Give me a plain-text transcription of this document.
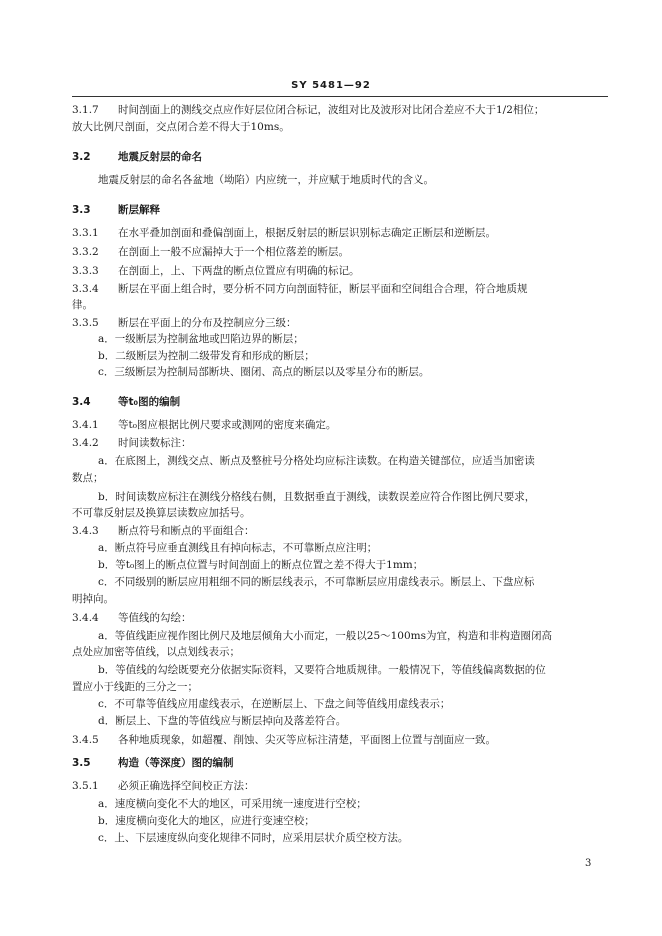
SY 5481—92
3.1.7 时间剖面上的测线交点应作好层位闭合标记，波组对比及波形对比闭合差应不大于1/2相位；
放大比例尺剖面，交点闭合差不得大于10ms。
3.2	地震反射层的命名
地震反射层的命名各盆地（坳陷）内应统一，并应赋于地质时代的含义。
3.3	断层解释
3.3.1 在水平叠加剖面和叠偏剖面上，根据反射层的断层识别标志确定正断层和逆断层。
3.3.2 在剖面上一般不应漏掉大于一个相位落差的断层。
3.3.3 在剖面上，上、下两盘的断点位置应有明确的标记。
3.3.4 断层在平面上组合时，要分析不同方向剖面特征，断层平面和空间组合合理，符合地质规
律。
3.3.5 断层在平面上的分布及控制应分三级：
a．一级断层为控制盆地或凹陷边界的断层；
b．二级断层为控制二级带发育和形成的断层；
c．三级断层为控制局部断块、圈闭、高点的断层以及零星分布的断层。
3.4	等t₀图的编制
3.4.1 等t₀图应根据比例尺要求或测网的密度来确定。
3.4.2 时间读数标注：
a．在底图上，测线交点、断点及整桩号分格处均应标注读数。在构造关键部位，应适当加密读
数点；
b．时间读数应标注在测线分格线右侧，且数据垂直于测线，读数误差应符合作图比例尺要求，
不可靠反射层及换算层读数应加括号。
3.4.3 断点符号和断点的平面组合：
a．断点符号应垂直测线且有掉向标志，不可靠断点应注明；
b．等t₀图上的断点位置与时间剖面上的断点位置之差不得大于1mm；
c．不同级别的断层应用粗细不同的断层线表示，不可靠断层应用虚线表示。断层上、下盘应标
明掉向。
3.4.4 等值线的勾绘：
a．等值线距应视作图比例尺及地层倾角大小而定，一般以25～100ms为宜，构造和非构造圈闭高
点处应加密等值线，以点划线表示；
b．等值线的勾绘既要充分依据实际资料，又要符合地质规律。一般情况下，等值线偏离数据的位
置应小于线距的三分之一；
c．不可靠等值线应用虚线表示，在逆断层上、下盘之间等值线用虚线表示；
d．断层上、下盘的等值线应与断层掉向及落差符合。
3.4.5 各种地质现象，如超覆、削蚀、尖灭等应标注清楚，平面图上位置与剖面应一致。
3.5	构造（等深度）图的编制
3.5.1 必须正确选择空间校正方法：
a．速度横向变化不大的地区，可采用统一速度进行空校；
b．速度横向变化大的地区，应进行变速空校；
c．上、下层速度纵向变化规律不同时，应采用层状介质空校方法。
3
